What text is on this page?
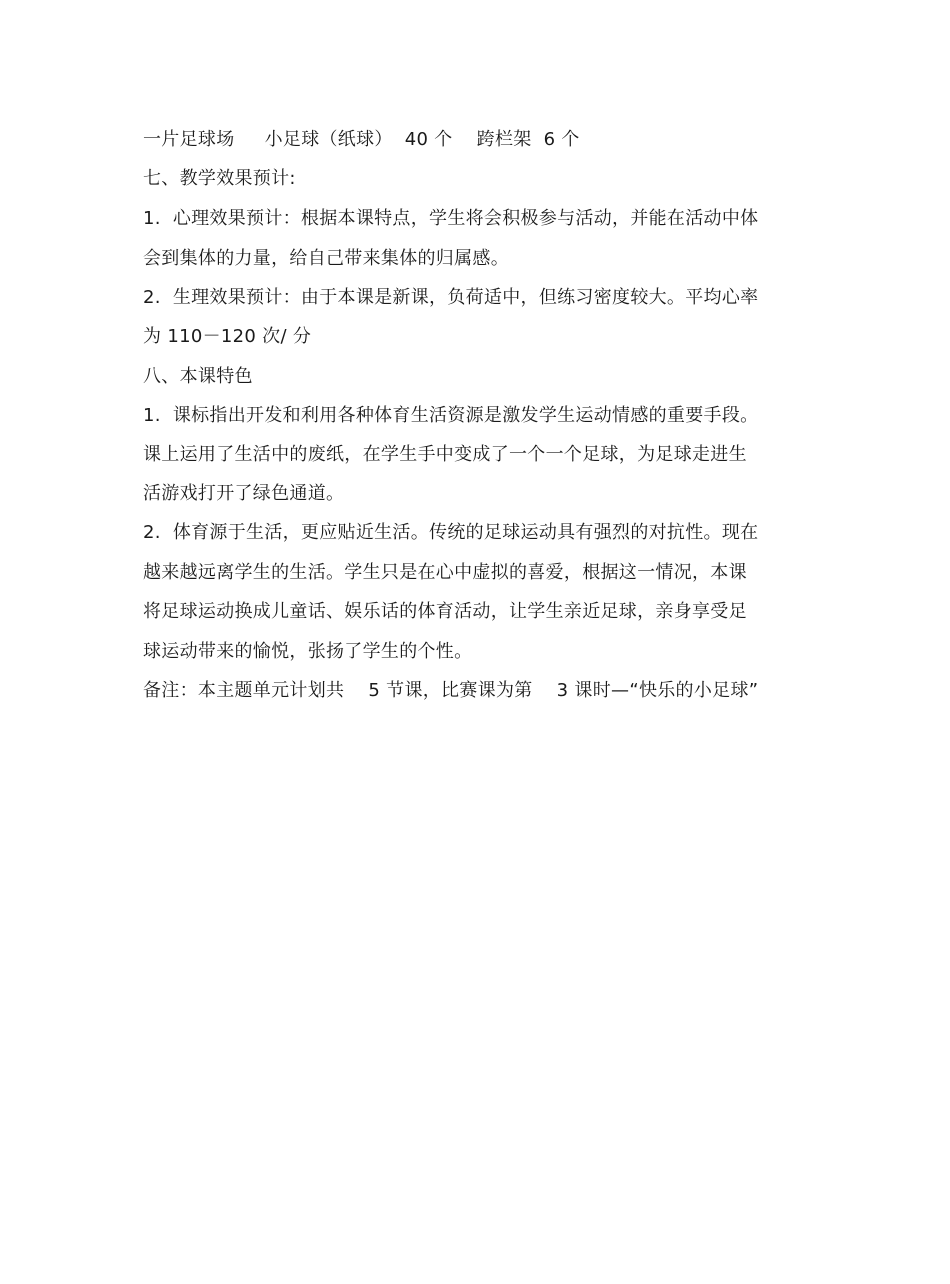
一片足球场     小足球（纸球）  40 个    跨栏架  6 个
七、教学效果预计:
1.  心理效果预计：根据本课特点，学生将会积极参与活动，并能在活动中体
会到集体的力量，给自己带来集体的归属感。
2.  生理效果预计：由于本课是新课，负荷适中，但练习密度较大。平均心率
为 110－120 次/ 分
八、本课特色
1.  课标指出开发和利用各种体育生活资源是激发学生运动情感的重要手段。
课上运用了生活中的废纸，在学生手中变成了一个一个足球，为足球走进生
活游戏打开了绿色通道。
2.  体育源于生活，更应贴近生活。传统的足球运动具有强烈的对抗性。现在
越来越远离学生的生活。学生只是在心中虚拟的喜爱，根据这一情况，本课
将足球运动换成儿童话、娱乐话的体育活动，让学生亲近足球，亲身享受足
球运动带来的愉悦，张扬了学生的个性。
备注：本主题单元计划共    5 节课，比赛课为第    3 课时—“快乐的小足球”
